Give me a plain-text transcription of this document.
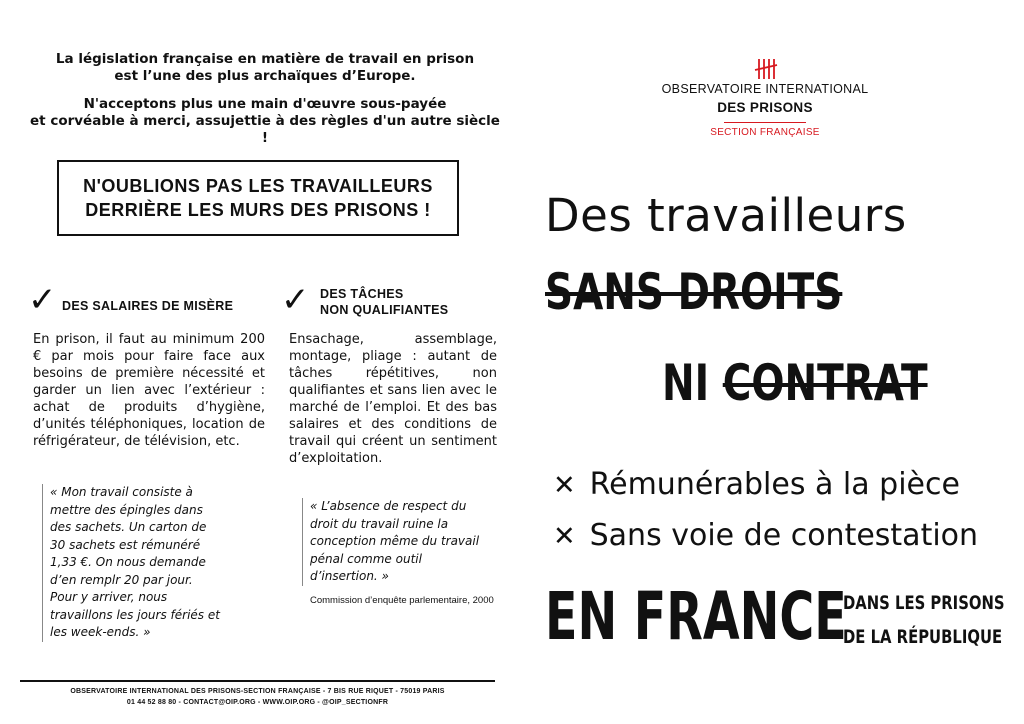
La législation française en matière de travail en prison
est l’une des plus archaïques d’Europe.
N'acceptons plus une main d'œuvre sous-payée
et corvéable à merci, assujettie à des règles d'un autre siècle !
N'OUBLIONS PAS LES TRAVAILLEURS
DERRIÈRE LES MURS DES PRISONS !
✓ DES SALAIRES DE MISÈRE
En prison, il faut au minimum 200 € par mois pour faire face aux besoins de première nécessité et garder un lien avec l’extérieur : achat de produits d’hygiène, d’unités téléphoniques, location de réfrigérateur, de télévision, etc.
« Mon travail consiste à mettre des épingles dans des sachets. Un carton de 30 sachets est rémunéré 1,33 €. On nous demande d’en remplr 20 par jour. Pour y arriver, nous travaillons les jours fériés et les week-ends. »
✓ DES TÂCHES
NON QUALIFIANTES
Ensachage, assemblage, montage, pliage : autant de tâches répétitives, non qualifiantes et sans lien avec le marché de l’emploi. Et des bas salaires et des conditions de travail qui créent un sentiment d’exploitation.
« L’absence de respect du droit du travail ruine la conception même du travail pénal comme outil d’insertion. »
Commission d’enquête parlementaire, 2000
OBSERVATOIRE INTERNATIONAL DES PRISONS-SECTION FRANÇAISE - 7 BIS RUE RIQUET - 75019 PARIS
01 44 52 88 80 - CONTACT@OIP.ORG - WWW.OIP.ORG - @OIP_SECTIONFR
OBSERVATOIRE INTERNATIONAL
DES PRISONS
SECTION FRANÇAISE
Des travailleurs
SANS DROITS
NI CONTRAT
✕ Rémunérables à la pièce
✕ Sans voie de contestation
EN FRANCE
DANS LES PRISONS
DE LA RÉPUBLIQUE
